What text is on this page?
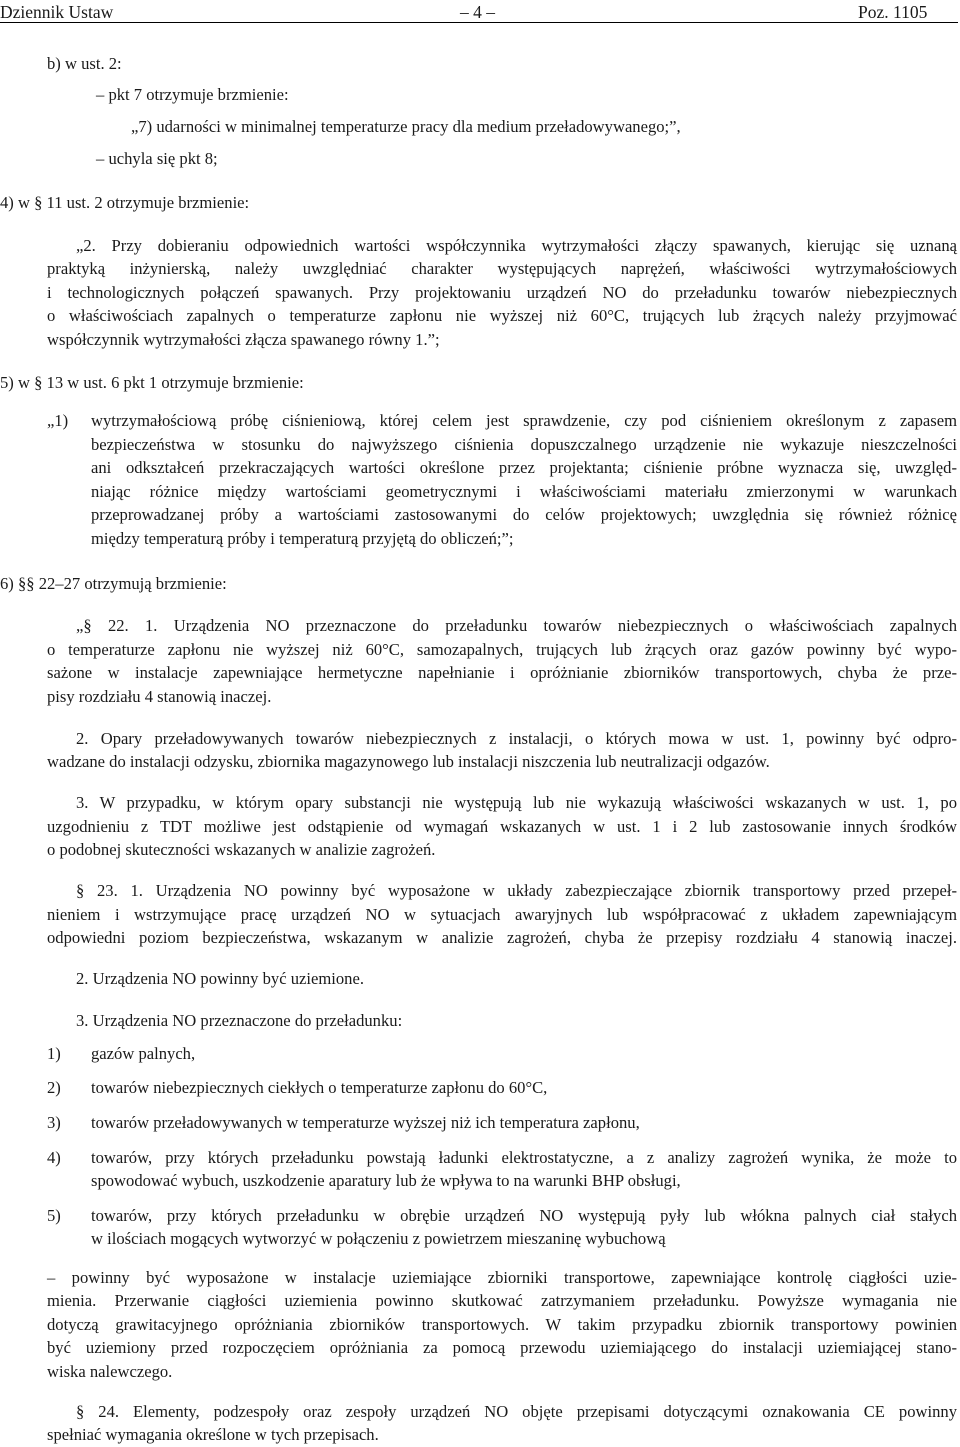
Dziennik Ustaw	– 4 –	Poz. 1105

b) w ust. 2:

– pkt 7 otrzymuje brzmienie:

„7) udarności w minimalnej temperaturze pracy dla medium przeładowywanego;”,

– uchyla się pkt 8;

4) w § 11 ust. 2 otrzymuje brzmienie:

„2. Przy dobieraniu odpowiednich wartości współczynnika wytrzymałości złączy spawanych, kierując się uznaną

praktyką inżynierską, należy uwzględniać charakter występujących naprężeń, właściwości wytrzymałościowych

i technologicznych połączeń spawanych. Przy projektowaniu urządzeń NO do przeładunku towarów niebezpiecznych

o właściwościach zapalnych o temperaturze zapłonu nie wyższej niż 60°C, trujących lub żrących należy przyjmować

współczynnik wytrzymałości złącza spawanego równy 1.”;

5) w § 13 w ust. 6 pkt 1 otrzymuje brzmienie:

„1) wytrzymałościową próbę ciśnieniową, której celem jest sprawdzenie, czy pod ciśnieniem określonym z zapasem

bezpieczeństwa w stosunku do najwyższego ciśnienia dopuszczalnego urządzenie nie wykazuje nieszczelności

ani odkształceń przekraczających wartości określone przez projektanta; ciśnienie próbne wyznacza się, uwzględ-

niając różnice między wartościami geometrycznymi i właściwościami materiału zmierzonymi w warunkach

przeprowadzanej próby a wartościami zastosowanymi do celów projektowych; uwzględnia się również różnicę

między temperaturą próby i temperaturą przyjętą do obliczeń;”;

6) §§ 22–27 otrzymują brzmienie:

„§ 22. 1. Urządzenia NO przeznaczone do przeładunku towarów niebezpiecznych o właściwościach zapalnych

o temperaturze zapłonu nie wyższej niż 60°C, samozapalnych, trujących lub żrących oraz gazów powinny być wypo-

sażone w instalacje zapewniające hermetyczne napełnianie i opróżnianie zbiorników transportowych, chyba że prze-

pisy rozdziału 4 stanowią inaczej.

2. Opary przeładowywanych towarów niebezpiecznych z instalacji, o których mowa w ust. 1, powinny być odpro-

wadzane do instalacji odzysku, zbiornika magazynowego lub instalacji niszczenia lub neutralizacji odgazów.

3. W przypadku, w którym opary substancji nie występują lub nie wykazują właściwości wskazanych w ust. 1, po

uzgodnieniu z TDT możliwe jest odstąpienie od wymagań wskazanych w ust. 1 i 2 lub zastosowanie innych środków

o podobnej skuteczności wskazanych w analizie zagrożeń.

§ 23. 1. Urządzenia NO powinny być wyposażone w układy zabezpieczające zbiornik transportowy przed przepeł-

nieniem i wstrzymujące pracę urządzeń NO w sytuacjach awaryjnych lub współpracować z układem zapewniającym

odpowiedni poziom bezpieczeństwa, wskazanym w analizie zagrożeń, chyba że przepisy rozdziału 4 stanowią inaczej.

2. Urządzenia NO powinny być uziemione.

3. Urządzenia NO przeznaczone do przeładunku:

1) gazów palnych,

2) towarów niebezpiecznych ciekłych o temperaturze zapłonu do 60°C,

3) towarów przeładowywanych w temperaturze wyższej niż ich temperatura zapłonu,

4) towarów, przy których przeładunku powstają ładunki elektrostatyczne, a z analizy zagrożeń wynika, że może to

spowodować wybuch, uszkodzenie aparatury lub że wpływa to na warunki BHP obsługi,

5) towarów, przy których przeładunku w obrębie urządzeń NO występują pyły lub włókna palnych ciał stałych

w ilościach mogących wytworzyć w połączeniu z powietrzem mieszaninę wybuchową

– powinny być wyposażone w instalacje uziemiające zbiorniki transportowe, zapewniające kontrolę ciągłości uzie-

mienia. Przerwanie ciągłości uziemienia powinno skutkować zatrzymaniem przeładunku. Powyższe wymagania nie

dotyczą grawitacyjnego opróżniania zbiorników transportowych. W takim przypadku zbiornik transportowy powinien

być uziemiony przed rozpoczęciem opróżniania za pomocą przewodu uziemiającego do instalacji uziemiającej stano-

wiska nalewczego.

§ 24. Elementy, podzespoły oraz zespoły urządzeń NO objęte przepisami dotyczącymi oznakowania CE powinny

spełniać wymagania określone w tych przepisach.
